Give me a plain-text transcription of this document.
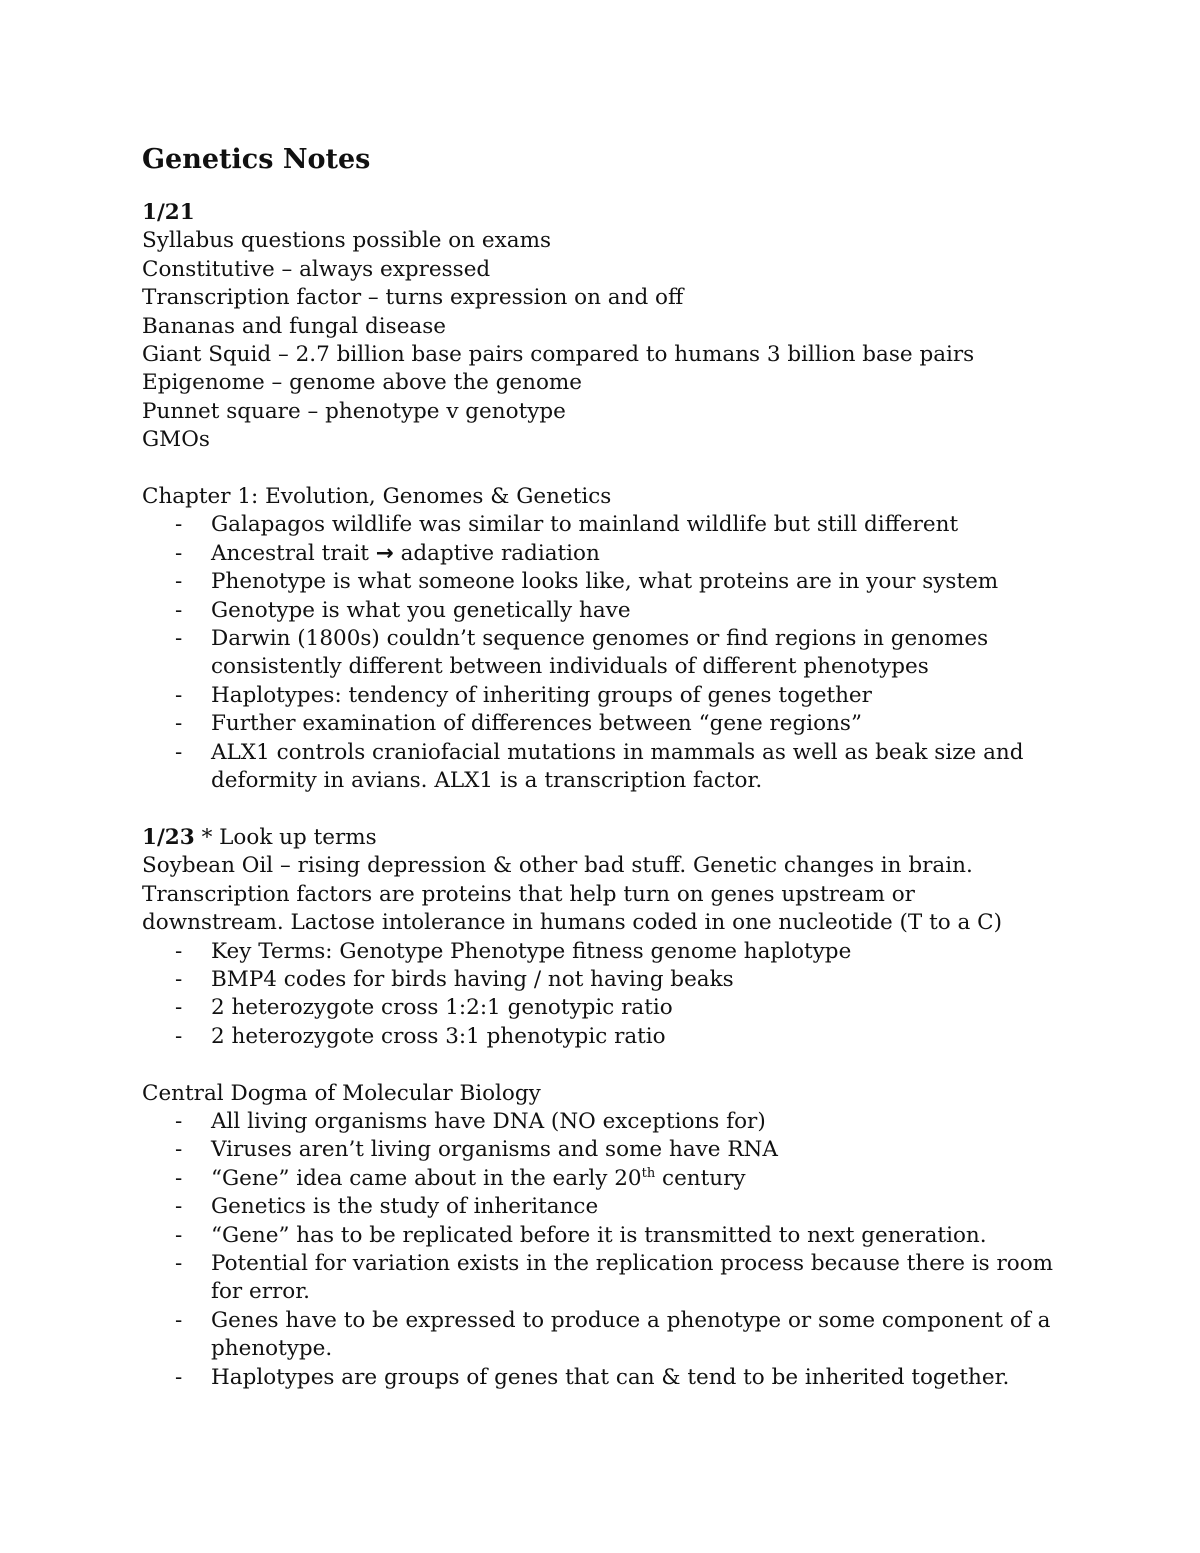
Genetics Notes
1/21
Syllabus questions possible on exams
Constitutive – always expressed
Transcription factor – turns expression on and off
Bananas and fungal disease
Giant Squid – 2.7 billion base pairs compared to humans 3 billion base pairs
Epigenome – genome above the genome
Punnet square – phenotype v genotype
GMOs
Chapter 1: Evolution, Genomes & Genetics
- Galapagos wildlife was similar to mainland wildlife but still different
- Ancestral trait → adaptive radiation
- Phenotype is what someone looks like, what proteins are in your system
- Genotype is what you genetically have
- Darwin (1800s) couldn’t sequence genomes or find regions in genomes consistently different between individuals of different phenotypes
- Haplotypes: tendency of inheriting groups of genes together
- Further examination of differences between “gene regions”
- ALX1 controls craniofacial mutations in mammals as well as beak size and deformity in avians. ALX1 is a transcription factor.
1/23 * Look up terms
Soybean Oil – rising depression & other bad stuff. Genetic changes in brain.
Transcription factors are proteins that help turn on genes upstream or
downstream. Lactose intolerance in humans coded in one nucleotide (T to a C)
- Key Terms: Genotype Phenotype fitness genome haplotype
- BMP4 codes for birds having / not having beaks
- 2 heterozygote cross 1:2:1 genotypic ratio
- 2 heterozygote cross 3:1 phenotypic ratio
Central Dogma of Molecular Biology
- All living organisms have DNA (NO exceptions for)
- Viruses aren’t living organisms and some have RNA
- “Gene” idea came about in the early 20th century
- Genetics is the study of inheritance
- “Gene” has to be replicated before it is transmitted to next generation.
- Potential for variation exists in the replication process because there is room for error.
- Genes have to be expressed to produce a phenotype or some component of a phenotype.
- Haplotypes are groups of genes that can & tend to be inherited together.
